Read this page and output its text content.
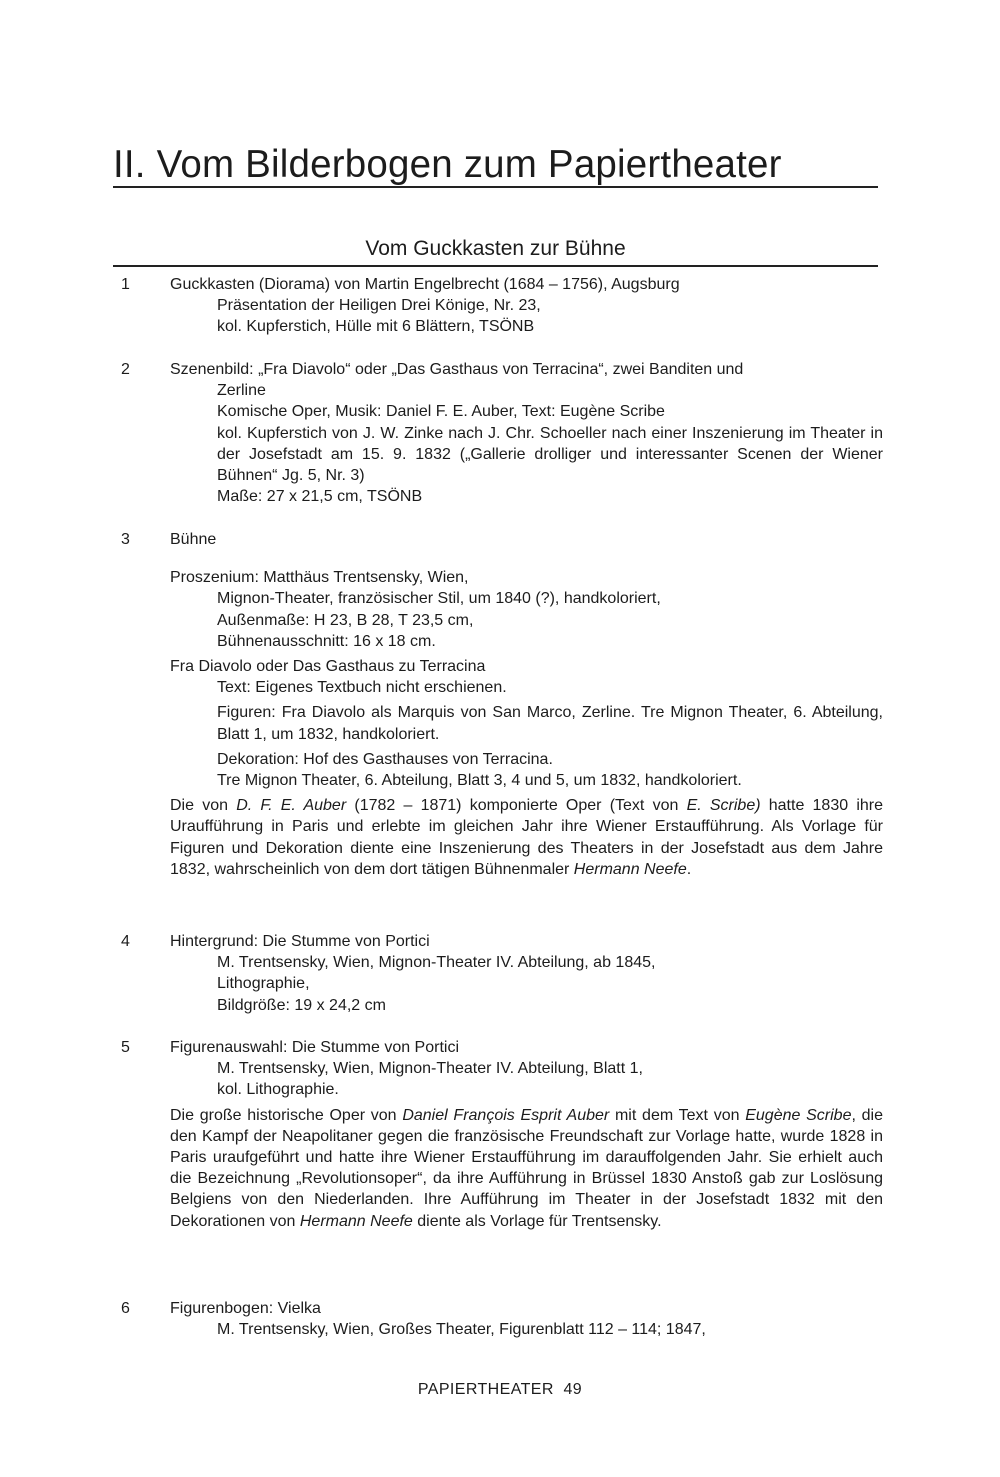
II. Vom Bilderbogen zum Papiertheater
Vom Guckkasten zur Bühne
1	Guckkasten (Diorama) von Martin Engelbrecht (1684 – 1756), Augsburg
Präsentation der Heiligen Drei Könige, Nr. 23,
kol. Kupferstich, Hülle mit 6 Blättern, TSÖNB
2	Szenenbild: „Fra Diavolo“ oder „Das Gasthaus von Terracina“, zwei Banditen und
Zerline
Komische Oper, Musik: Daniel F. E. Auber, Text: Eugène Scribe
kol. Kupferstich von J. W. Zinke nach J. Chr. Schoeller nach einer Inszenierung im Theater in der Josefstadt am 15. 9. 1832 („Gallerie drolliger und interessanter Scenen der Wiener Bühnen“ Jg. 5, Nr. 3)
Maße: 27 x 21,5 cm, TSÖNB
3	Bühne
Proszenium: Matthäus Trentsensky, Wien,
Mignon-Theater, französischer Stil, um 1840 (?), handkoloriert,
Außenmaße: H 23, B 28, T 23,5 cm,
Bühnenausschnitt: 16 x 18 cm.
Fra Diavolo oder Das Gasthaus zu Terracina
Text: Eigenes Textbuch nicht erschienen.
Figuren: Fra Diavolo als Marquis von San Marco, Zerline. Tre Mignon Theater, 6. Abteilung, Blatt 1, um 1832, handkoloriert.
Dekoration: Hof des Gasthauses von Terracina.
Tre Mignon Theater, 6. Abteilung, Blatt 3, 4 und 5, um 1832, handkoloriert.
Die von D. F. E. Auber (1782 – 1871) komponierte Oper (Text von E. Scribe) hatte 1830 ihre Uraufführung in Paris und erlebte im gleichen Jahr ihre Wiener Erstaufführung. Als Vorlage für Figuren und Dekoration diente eine Inszenierung des Theaters in der Josefstadt aus dem Jahre 1832, wahrscheinlich von dem dort tätigen Bühnenmaler Hermann Neefe.
4	Hintergrund: Die Stumme von Portici
M. Trentsensky, Wien, Mignon-Theater IV. Abteilung, ab 1845,
Lithographie,
Bildgröße: 19 x 24,2 cm
5	Figurenauswahl: Die Stumme von Portici
M. Trentsensky, Wien, Mignon-Theater IV. Abteilung, Blatt 1,
kol. Lithographie.
Die große historische Oper von Daniel François Esprit Auber mit dem Text von Eugène Scribe, die den Kampf der Neapolitaner gegen die französische Freundschaft zur Vorlage hatte, wurde 1828 in Paris uraufgeführt und hatte ihre Wiener Erstaufführung im darauffolgenden Jahr. Sie erhielt auch die Bezeichnung „Revolutionsoper“, da ihre Aufführung in Brüssel 1830 Anstoß gab zur Loslösung Belgiens von den Niederlanden. Ihre Aufführung im Theater in der Josefstadt 1832 mit den Dekorationen von Hermann Neefe diente als Vorlage für Trentsensky.
6	Figurenbogen: Vielka
M. Trentsensky, Wien, Großes Theater, Figurenblatt 112 – 114; 1847,
PAPIERTHEATER 49
